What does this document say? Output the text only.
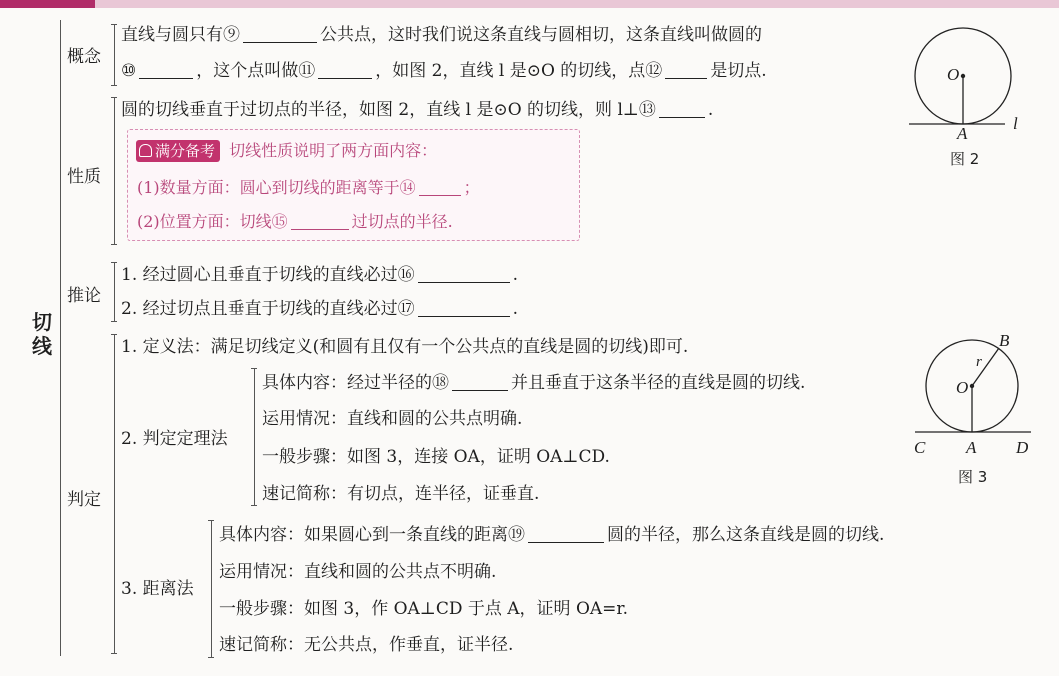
切线
概念
性质
推论
判定
直线与圆只有⑨	公共点，这时我们说这条直线与圆相切，这条直线叫做圆的
⑩	，这个点叫做⑪	，如图 2，直线 l 是⊙O 的切线，点⑫	是切点.
圆的切线垂直于过切点的半径，如图 2，直线 l 是⊙O 的切线，则 l⊥⑬	.
满分备考 切线性质说明了两方面内容：
(1)数量方面：圆心到切线的距离等于⑭	；
(2)位置方面：切线⑮	过切点的半径.
1. 经过圆心且垂直于切线的直线必过⑯	.
2. 经过切点且垂直于切线的直线必过⑰	.
1. 定义法：满足切线定义(和圆有且仅有一个公共点的直线是圆的切线)即可.
2. 判定定理法
具体内容：经过半径的⑱	并且垂直于这条半径的直线是圆的切线.
运用情况：直线和圆的公共点明确.
一般步骤：如图 3，连接 OA，证明 OA⊥CD.
速记简称：有切点，连半径，证垂直.
3. 距离法
具体内容：如果圆心到一条直线的距离⑲	圆的半径，那么这条直线是圆的切线.
运用情况：直线和圆的公共点不明确.
一般步骤：如图 3，作 OA⊥CD 于点 A，证明 OA=r.
速记简称：无公共点，作垂直，证半径.
O
A
l
图 2
B
r
O
C A D
图 3
